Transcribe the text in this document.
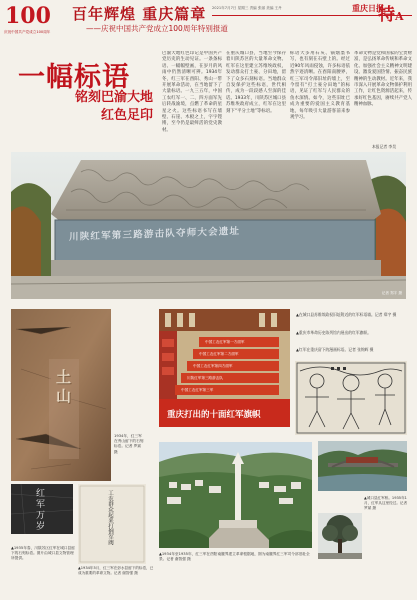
100
庆祝中国共产党成立100周年
百年辉煌 重庆篇章
——庆祝中国共产党成立100周年特别报道
2021年7月7日 星期三 责编 张丽 美编 王丹	重庆日报
特A
一幅标语
铭刻巴渝大地
红色足印
巴渝大地红色印记是中国共产党历史的生动见证。一条条标语、一幅幅壁画，在岁月的风雨中仍然清晰可辨。1934年冬，红三军在酉阳、秀山一带开展革命活动，在当地留下了大量标语。一九三五年，中国工农红军一、二、四方面军先后转战渝境，点燃了革命的星星之火。这些标语书写在墙壁、石崖、木板之上，字字铿锵，至今仍是最鲜活的党史教材。
在重庆城口县，当地至今保存着川陕苏区的大量革命文物。红军在这里建立苏维埃政权，发动群众打土豪、分田地，留下了众多石刻标语。当地群众自发保护这些标语，世代相传，成为一段段感人至深的佳话。1933年，川陕苏区城口县苏维埃政府成立，红军在这里刻下“平分土地”等标语。
标语大多用石灰、锅烟墨书写，也有刻在石壁上的。经过近90年风雨侵蚀，许多标语依然字迹清晰。在酉阳南腰界，红三军司令部旧址的墙上，至今留有“打土豪分田地”的标语，见证了红军与人民群众的鱼水深情。如今，这些旧址已成为重要的爱国主义教育基地，每年吸引大量游客前来参观学习。
革命文物是党和国家的宝贵财富，是弘扬革命传统和革命文化、加强社会主义精神文明建设、激发爱国热情、振奋民族精神的生动教材。近年来，我市深入开展革命文物保护利用工作，让红色资源活起来，传承好红色基因，赓续共产党人精神血脉。
本报记者 李昊
川陕红军第三路游击队夺师大会遗址
记者 郑宇 摄
土山
1934年，红三军在秀山留下的石刻标语。记者 罗斌 摄
中国工农红军第一方面军
中国工农红军第二方面军
中国工农红军第四方面军
川陕红军第三路游击队
中国工农红军第三军
重庆打出的十面红军旗帜
▲在城口县苏维埃政权旧址附近的红军标语墙。记者 郑宇 摄
▲重庆市革命历史陈列馆内展出的红军旗帜。
▲红军在重庆留下的漫画标语。记者 张锦辉 摄
▲1934年至1935年，红三军在酉阳南腰界建立革命根据地，图为南腰界红三军司令部旧址全景。记者 谢智强 摄
▲城口县红军桥。1935年1月，红军从这里经过。记者 罗斌 摄
红军万岁
▲1935年春，川陕苏区红军在城口县留下的石刻标语。图片由城口县文物管理所提供。
工农群众起来打倒军阀
▲1934年5月，红三军在彭水县留下的标语，已成为重要的革命文物。记者 谢智强 摄
